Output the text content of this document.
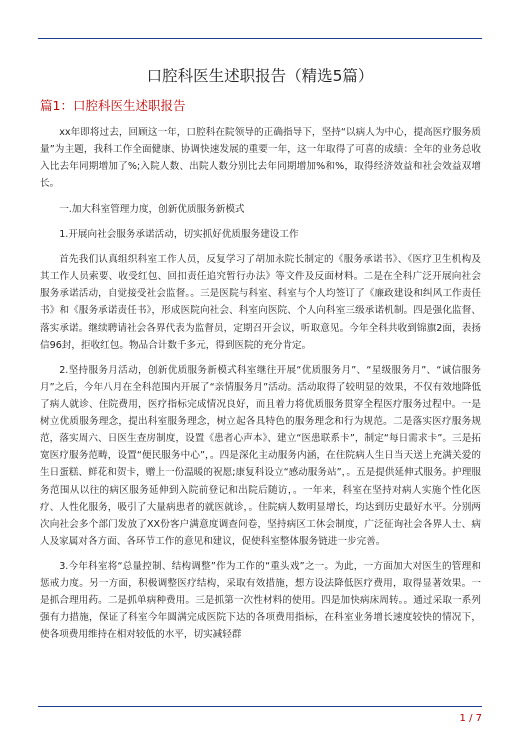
口腔科医生述职报告（精选5篇）
篇1：口腔科医生述职报告

xx年即将过去，回顾这一年，口腔科在院领导的正确指导下，坚持“以病人为中心，提高医疗服务质量”为主题，我科工作全面健康、协调快速发展的重要一年，这一年取得了可喜的成绩：全年的业务总收入比去年同期增加了%;入院人数、出院人数分别比去年同期增加%和%，取得经济效益和社会效益双增长。

一.加大科室管理力度，创新优质服务新模式

1.开展向社会服务承诺活动，切实抓好优质服务建设工作

首先我们认真组织科室工作人员，反复学习了胡加永院长制定的《服务承诺书》、《医疗卫生机构及其工作人员索要、收受红包、回扣责任追究暂行办法》等文件及反面材料。二是在全科广泛开展向社会服务承诺活动，自觉接受社会监督。。三是医院与科室、科室与个人均签订了《廉政建设和纠风工作责任书》和《服务承诺责任书》，形成医院向社会、科室向医院、个人向科室三级承诺机制。四是强化监督、落实承诺。继续聘请社会各界代表为监督员，定期召开会议，听取意见。今年全科共收到锦旗2面，表扬信96封，拒收红包。物品合计数千多元，得到医院的充分肯定。

2.坚持服务月活动，创新优质服务新模式科室继往开展“优质服务月”、“星级服务月”、“诚信服务月”之后，今年八月在全科范围内开展了“亲情服务月”活动。活动取得了较明显的效果，不仅有效地降低了病人就诊、住院费用，医疗指标完成情况良好，而且着力将优质服务贯穿全程医疗服务过程中。一是树立优质服务理念，提出科室服务理念，树立起各具特色的服务理念和行为规范。二是落实医疗服务规范，落实周六、日医生查房制度，设置《患者心声本》、建立“医患联系卡”，制定“每日需求卡”。三是拓宽医疗服务范畴，设置“便民服务中心”，。四是深化主动服务内涵，在住院病人生日当天送上充满关爱的生日蛋糕、鲜花和贺卡，赠上一份温暖的祝愿;康复科设立“感动服务站”，。五是提供延伸式服务。护理服务范围从以往的病区服务延伸到入院前登记和出院后随访，。一年来，科室在坚持对病人实施个性化医疗、人性化服务，吸引了大量病患者的就医就诊，。住院病人数明显增长，均达到历史最好水平。分别两次向社会多个部门发放了XX份客户满意度调查问卷，坚持病区工休会制度，广泛征询社会各界人士、病人及家属对各方面、各环节工作的意见和建议，促使科室整体服务链进一步完善。

3.今年科室将“总量控制、结构调整”作为工作的“重头戏”之一。为此，一方面加大对医生的管理和惩戒力度。另一方面，积极调整医疗结构，采取有效措施，想方设法降低医疗费用，取得显著效果。一是抓合理用药。二是抓单病种费用。三是抓第一次性材料的使用。四是加快病床周转。。通过采取一系列强有力措施，保证了科室今年圆满完成医院下达的各项费用指标，在科室业务增长速度较快的情况下，使各项费用维持在相对较低的水平，切实减轻群

1 / 7
